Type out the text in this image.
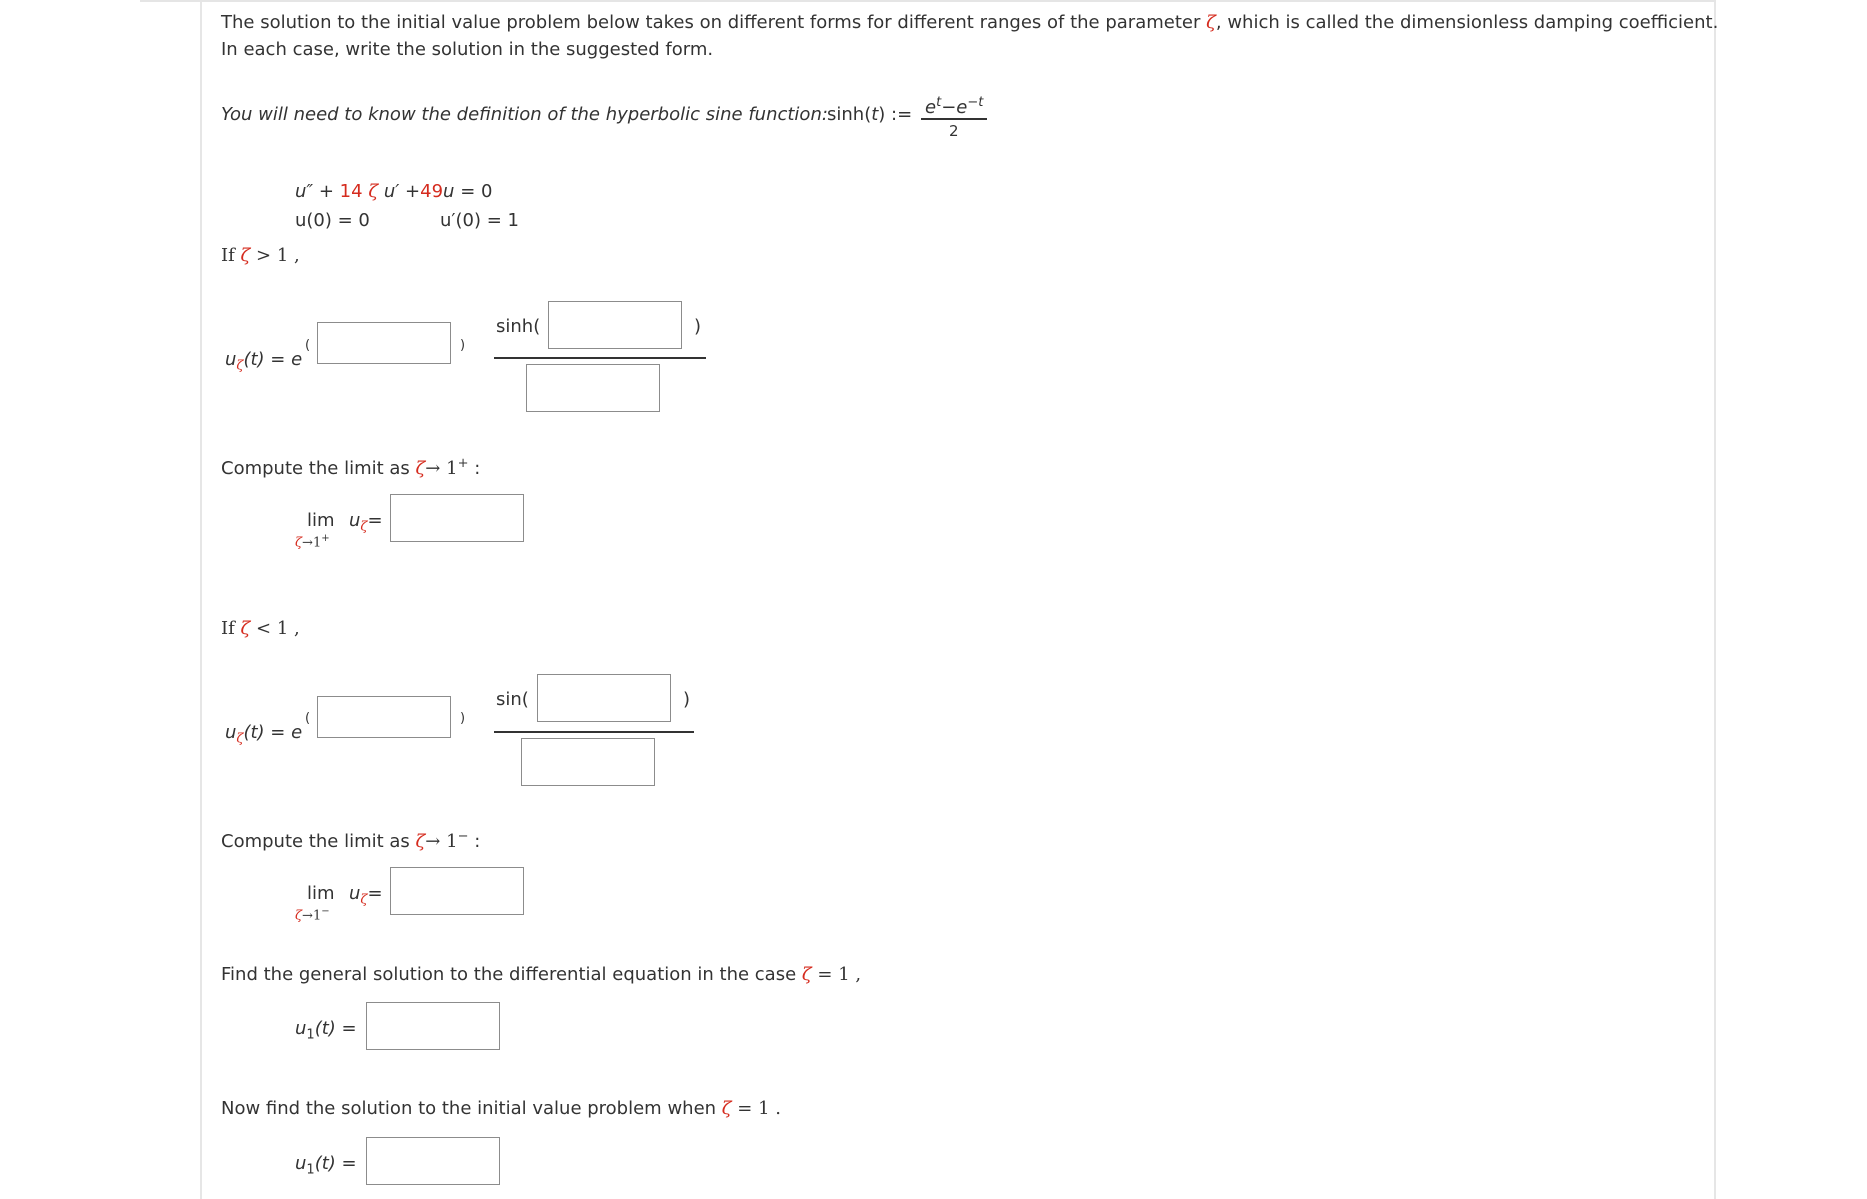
The solution to the initial value problem below takes on different forms for different ranges of the parameter ζ, which is called the dimensionless damping coefficient.
In each case, write the solution in the suggested form.
You will need to know the definition of the hyperbolic sine function: sinh(t) := $e^t-e^{-t}$
2
u″ + 14 ζ u′ +49u = 0
u(0) = 0	u′(0) = 1
If ζ > 1 ,
$u_\zeta(t) = e$
(	)
sinh(	)
Compute the limit as ζ→ 1+ :
lim
ζ→1+
$u_\zeta=$
If ζ < 1 ,
$u_\zeta(t) = e$
(	)
sin(	)
Compute the limit as ζ→ 1− :
lim
ζ→1−
$u_\zeta=$
Find the general solution to the differential equation in the case ζ = 1 ,
$u_1(t)$ =
Now find the solution to the initial value problem when ζ = 1 .
$u_1(t)$ =
